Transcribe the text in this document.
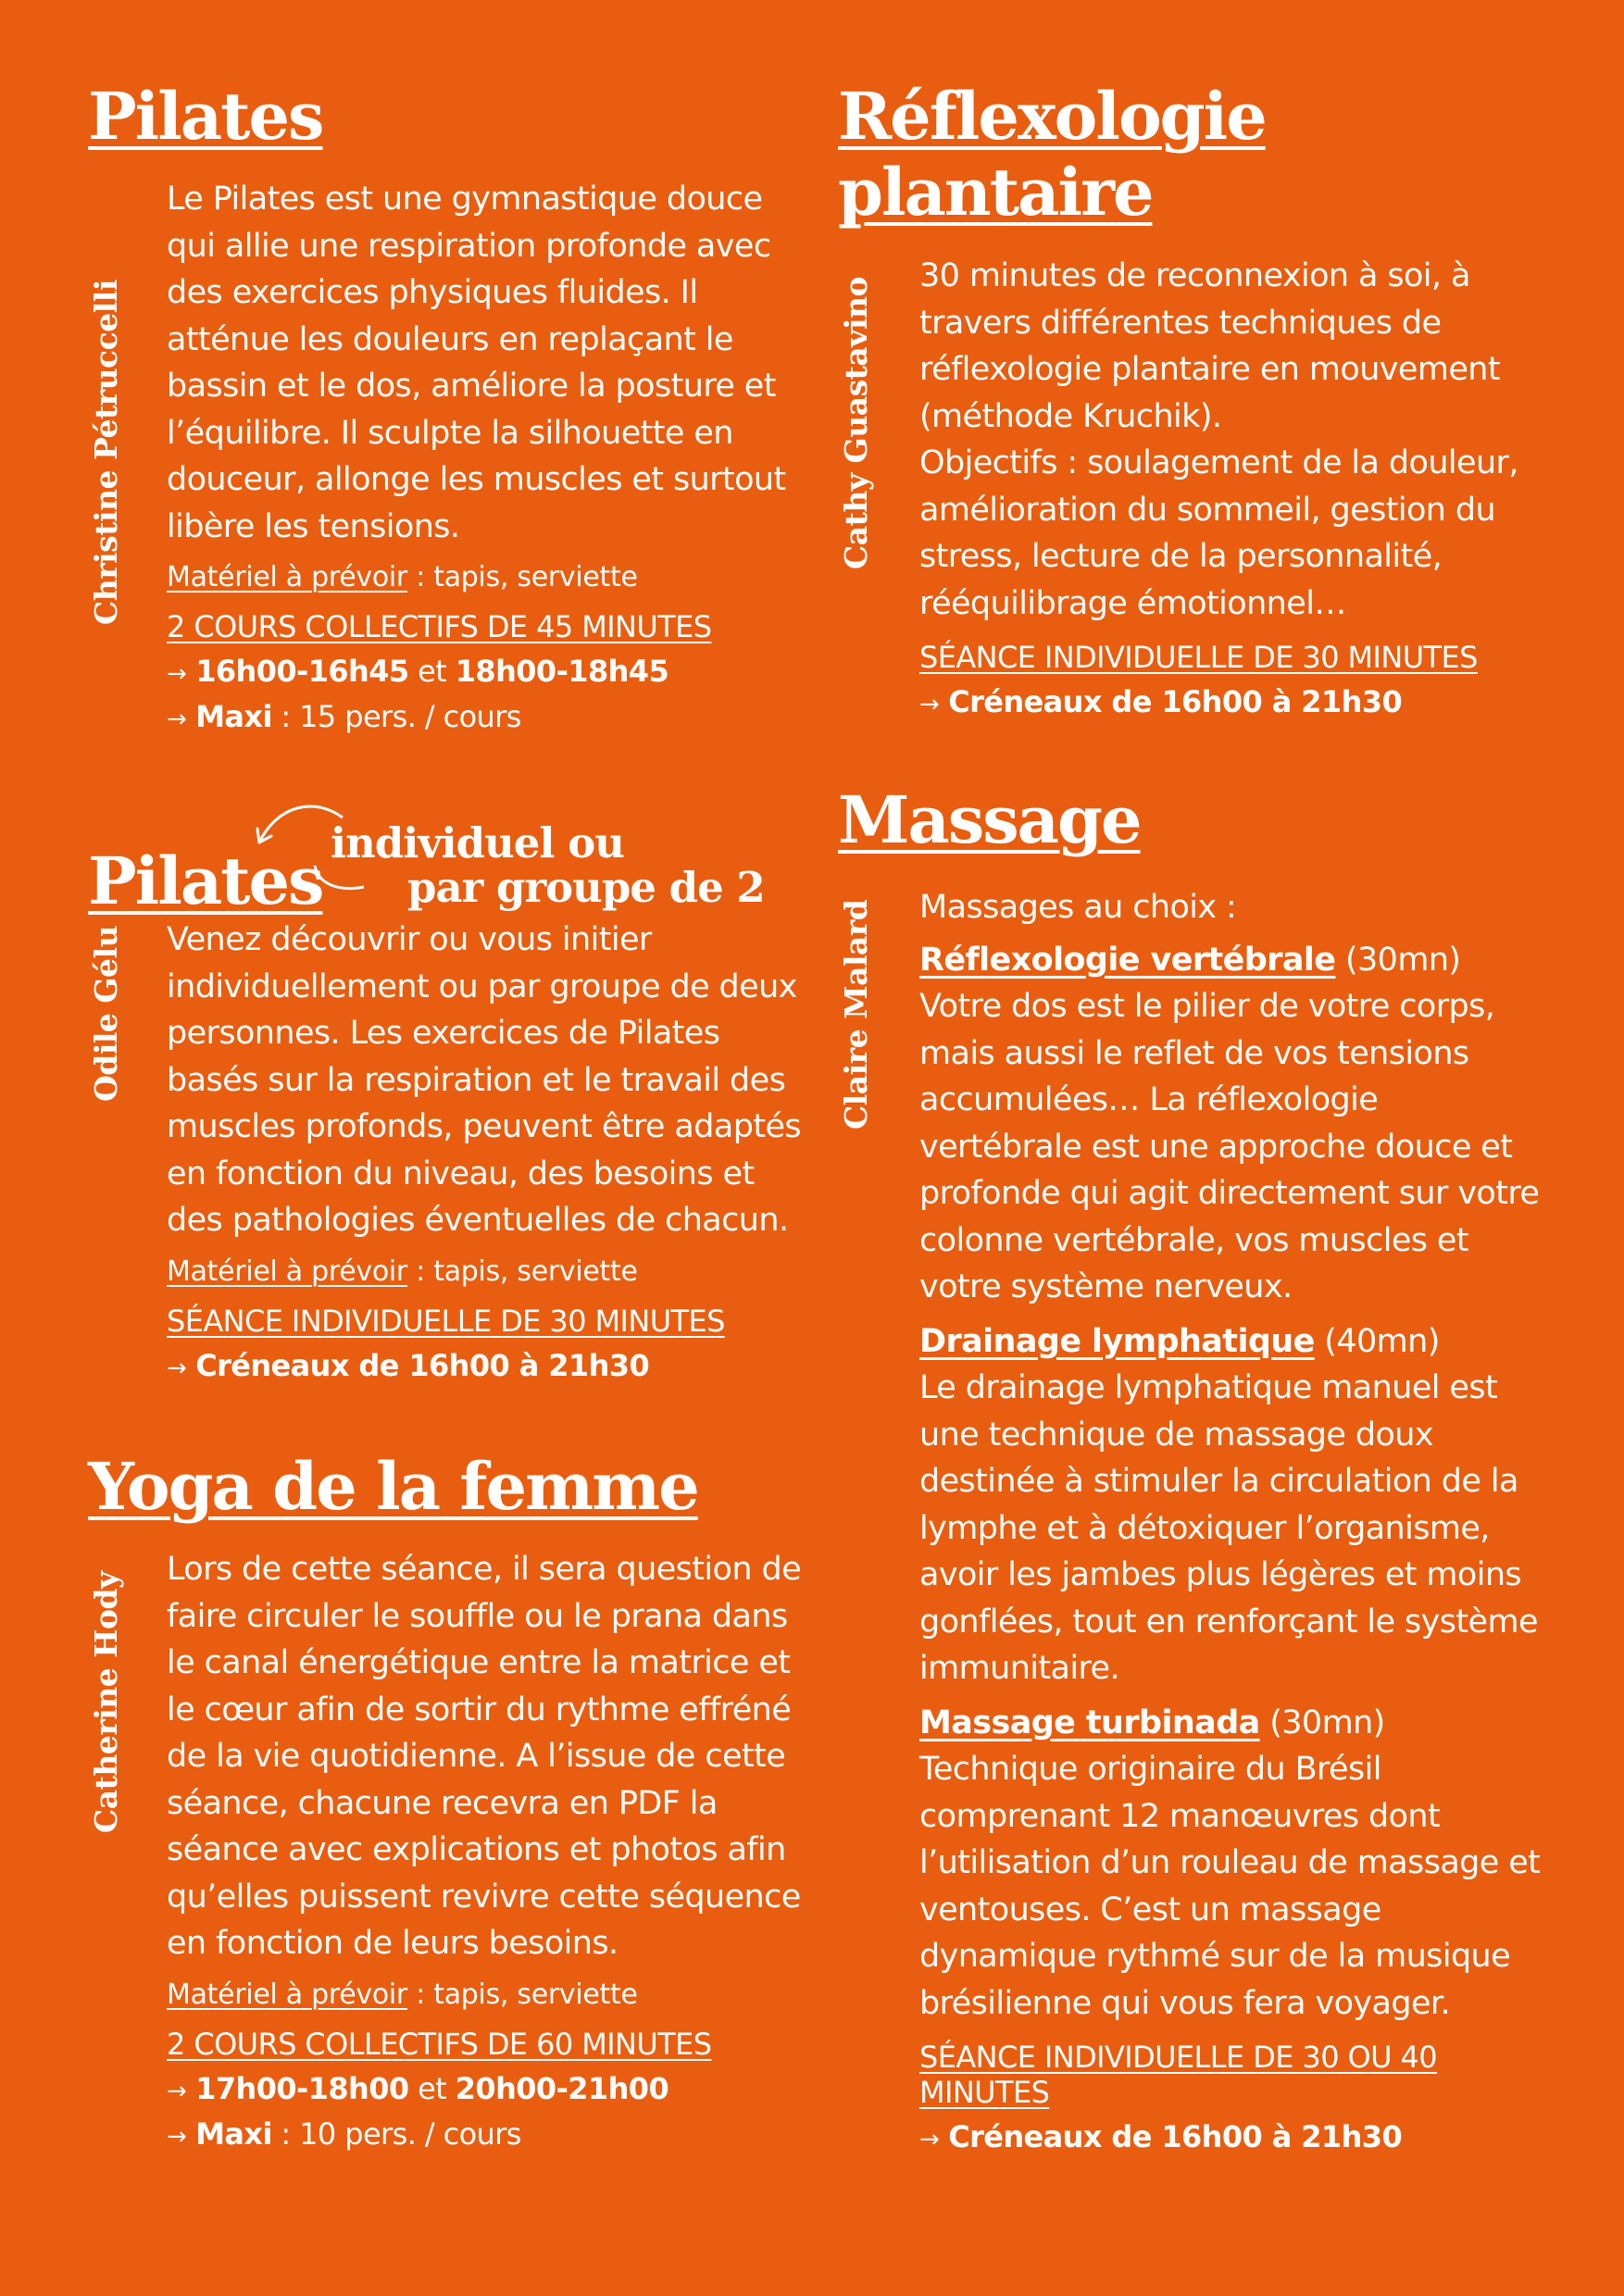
Pilates
Christine Pétruccelli

Le Pilates est une gymnastique douce qui allie une respiration profonde avec des exercices physiques fluides. Il atténue les douleurs en replaçant le bassin et le dos, améliore la posture et l’équilibre. Il sculpte la silhouette en douceur, allonge les muscles et surtout libère les tensions.

Matériel à prévoir : tapis, serviette
2 COURS COLLECTIFS DE 45 MINUTES
→ 16h00-16h45 et 18h00-18h45
→ Maxi : 15 pers. / cours
individuel ou
par groupe de 2
Pilates
Odile Gélu Venez découvrir ou vous initier individuellement ou par groupe de deux personnes. Les exercices de Pilates basés sur la respiration et le travail des muscles profonds, peuvent être adaptés en fonction du niveau, des besoins et des pathologies éventuelles de chacun.

Matériel à prévoir : tapis, serviette
SÉANCE INDIVIDUELLE DE 30 MINUTES
→ Créneaux de 16h00 à 21h30
Yoga de la femme
Catherine Hody

Lors de cette séance, il sera question de faire circuler le souffle ou le prana dans le canal énergétique entre la matrice et le cœur afin de sortir du rythme effréné de la vie quotidienne. A l’issue de cette séance, chacune recevra en PDF la séance avec explications et photos afin qu’elles puissent revivre cette séquence en fonction de leurs besoins.

Matériel à prévoir : tapis, serviette
2 COURS COLLECTIFS DE 60 MINUTES
→ 17h00-18h00 et 20h00-21h00
→ Maxi : 10 pers. / cours
Réflexologie
plantaire
Cathy Guastavino

30 minutes de reconnexion à soi, à travers différentes techniques de réflexologie plantaire en mouvement (méthode Kruchik).

Objectifs : soulagement de la douleur, amélioration du sommeil, gestion du stress, lecture de la personnalité, rééquilibrage émotionnel…

SÉANCE INDIVIDUELLE DE 30 MINUTES
→ Créneaux de 16h00 à 21h30
Massage
Claire Malard Massages au choix :

Réflexologie vertébrale (30mn)

Votre dos est le pilier de votre corps, mais aussi le reflet de vos tensions accumulées… La réflexologie vertébrale est une approche douce et profonde qui agit directement sur votre colonne vertébrale, vos muscles et votre système nerveux.

Drainage lymphatique (40mn)

Le drainage lymphatique manuel est une technique de massage doux destinée à stimuler la circulation de la lymphe et à détoxiquer l’organisme, avoir les jambes plus légères et moins gonflées, tout en renforçant le système immunitaire.

Massage turbinada (30mn)

Technique originaire du Brésil comprenant 12 manœuvres dont l’utilisation d’un rouleau de massage et ventouses. C’est un massage dynamique rythmé sur de la musique brésilienne qui vous fera voyager.

SÉANCE INDIVIDUELLE DE 30 OU 40 MINUTES
→ Créneaux de 16h00 à 21h30
